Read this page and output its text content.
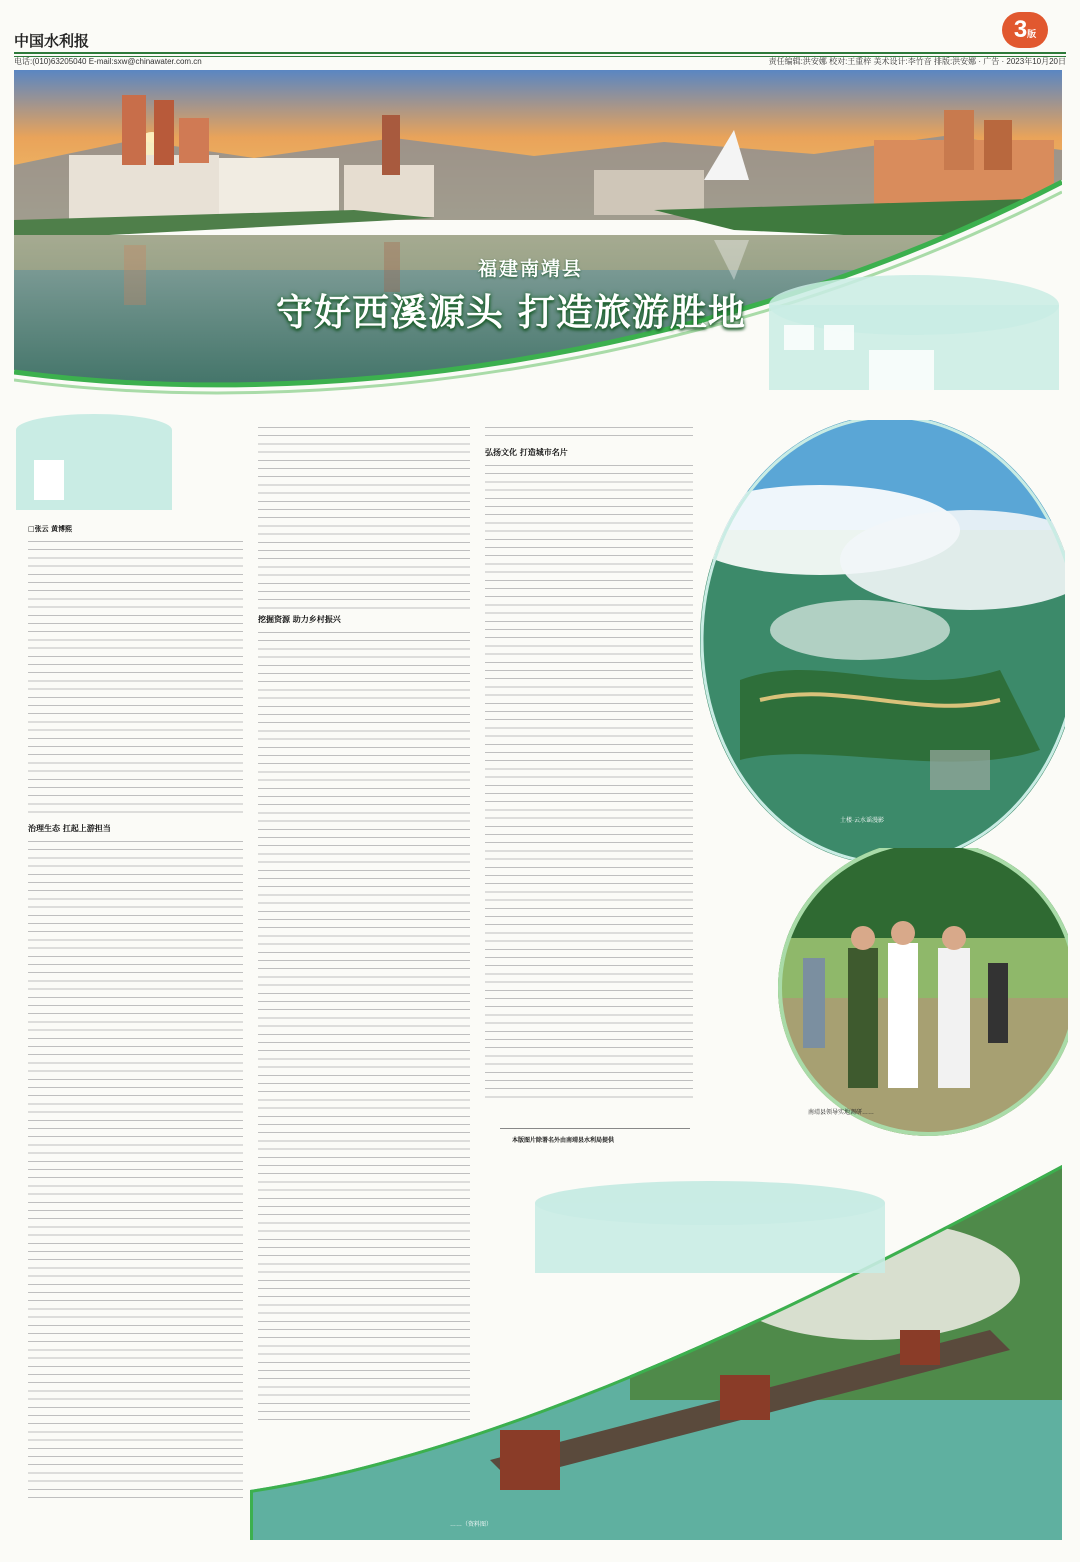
中国水利报
电话:(010)63205040 E-mail:sxw@chinawater.com.cn	责任编辑:洪安娜 校对:王重梓 美术设计:李竹音 排版:洪安娜 · 广告 · 2023年10月20日
3版
福建南靖县
守好西溪源头 打造旅游胜地
□张云 黄博熙
治理生态 扛起上游担当
挖掘资源 助力乡村振兴
弘扬文化 打造城市名片
本版图片除署名外由南靖县水利局提供
土楼·云水谣漫影
南靖县领导实地调研……
……（资料图）
